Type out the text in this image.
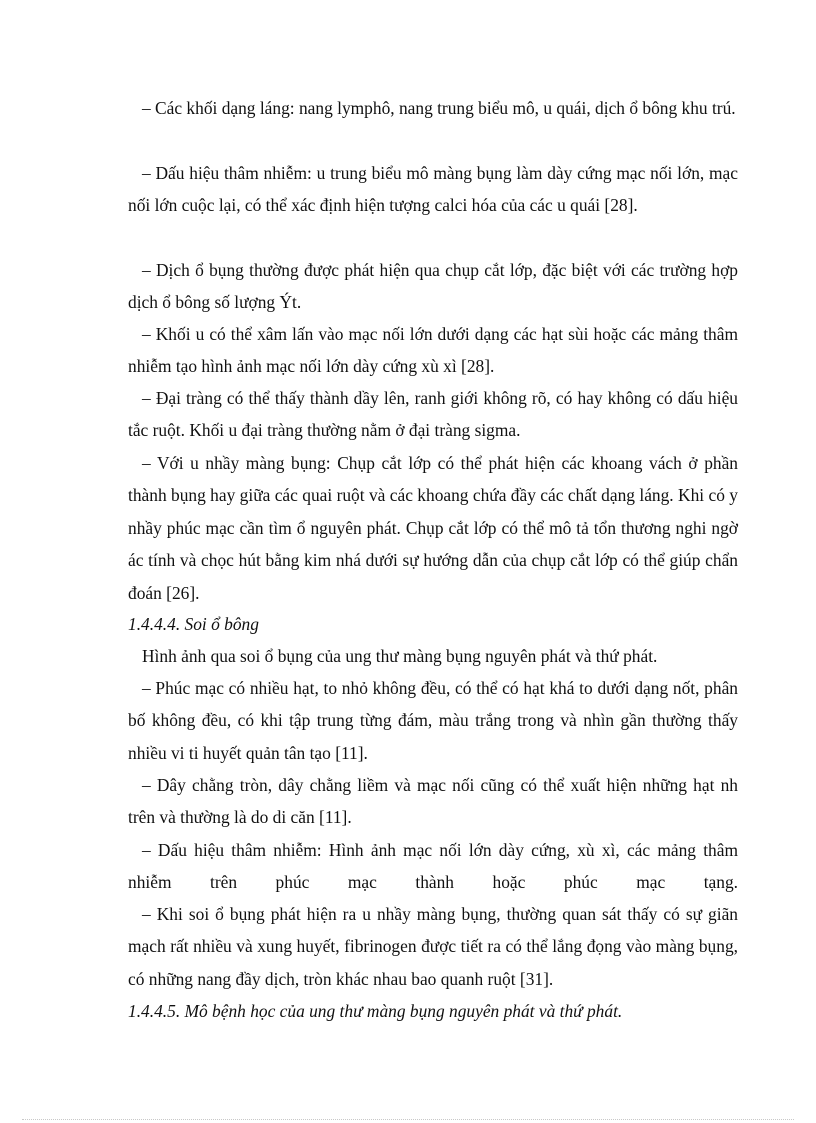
– Các khối dạng láng: nang lymphô, nang trung biểu mô, u quái, dịch ổ bông khu trú.

– Dấu hiệu thâm nhiễm: u trung biểu mô màng bụng làm dày cứng mạc nối lớn, mạc nối lớn cuộc lại, có thể xác định hiện tượng calci hóa của các u quái [28].

– Dịch ổ bụng thường được phát hiện qua chụp cắt lớp, đặc biệt với các trường hợp dịch ổ bông số lượng Ýt.

– Khối u có thể xâm lấn vào mạc nối lớn dưới dạng các hạt sùi hoặc các mảng thâm nhiễm tạo hình ảnh mạc nối lớn dày cứng xù xì [28].

– Đại tràng có thể thấy thành dầy lên, ranh giới không rõ, có hay không có dấu hiệu tắc ruột. Khối u đại tràng thường nằm ở đại tràng sigma.

– Với u nhầy màng bụng: Chụp cắt lớp có thể phát hiện các khoang vách ở phần thành bụng hay giữa các quai ruột và các khoang chứa đầy các chất dạng láng. Khi có y nhầy phúc mạc cần tìm ổ nguyên phát. Chụp cắt lớp có thể mô tả tổn thương nghi ngờ ác tính và chọc hút bằng kim nhá dưới sự hướng dẫn của chụp cắt lớp có thể giúp chẩn đoán [26].

1.4.4.4. Soi ổ bông

Hình ảnh qua soi ổ bụng của ung thư màng bụng nguyên phát và thứ phát.

– Phúc mạc có nhiều hạt, to nhỏ không đều, có thể có hạt khá to dưới dạng nốt, phân bố không đều, có khi tập trung từng đám, màu trắng trong và nhìn gần thường thấy nhiều vi ti huyết quản tân tạo [11].

– Dây chằng tròn, dây chằng liềm và mạc nối cũng có thể xuất hiện những hạt nh trên và thường là do di căn [11].

– Dấu hiệu thâm nhiễm: Hình ảnh mạc nối lớn dày cứng, xù xì, các mảng thâm nhiễm trên phúc mạc thành hoặc phúc mạc tạng.

– Khi soi ổ bụng phát hiện ra u nhầy màng bụng, thường quan sát thấy có sự giãn mạch rất nhiều và xung huyết, fibrinogen được tiết ra có thể lắng đọng vào màng bụng, có những nang đầy dịch, tròn khác nhau bao quanh ruột [31].

1.4.4.5. Mô bệnh học của ung thư màng bụng nguyên phát và thứ phát.
